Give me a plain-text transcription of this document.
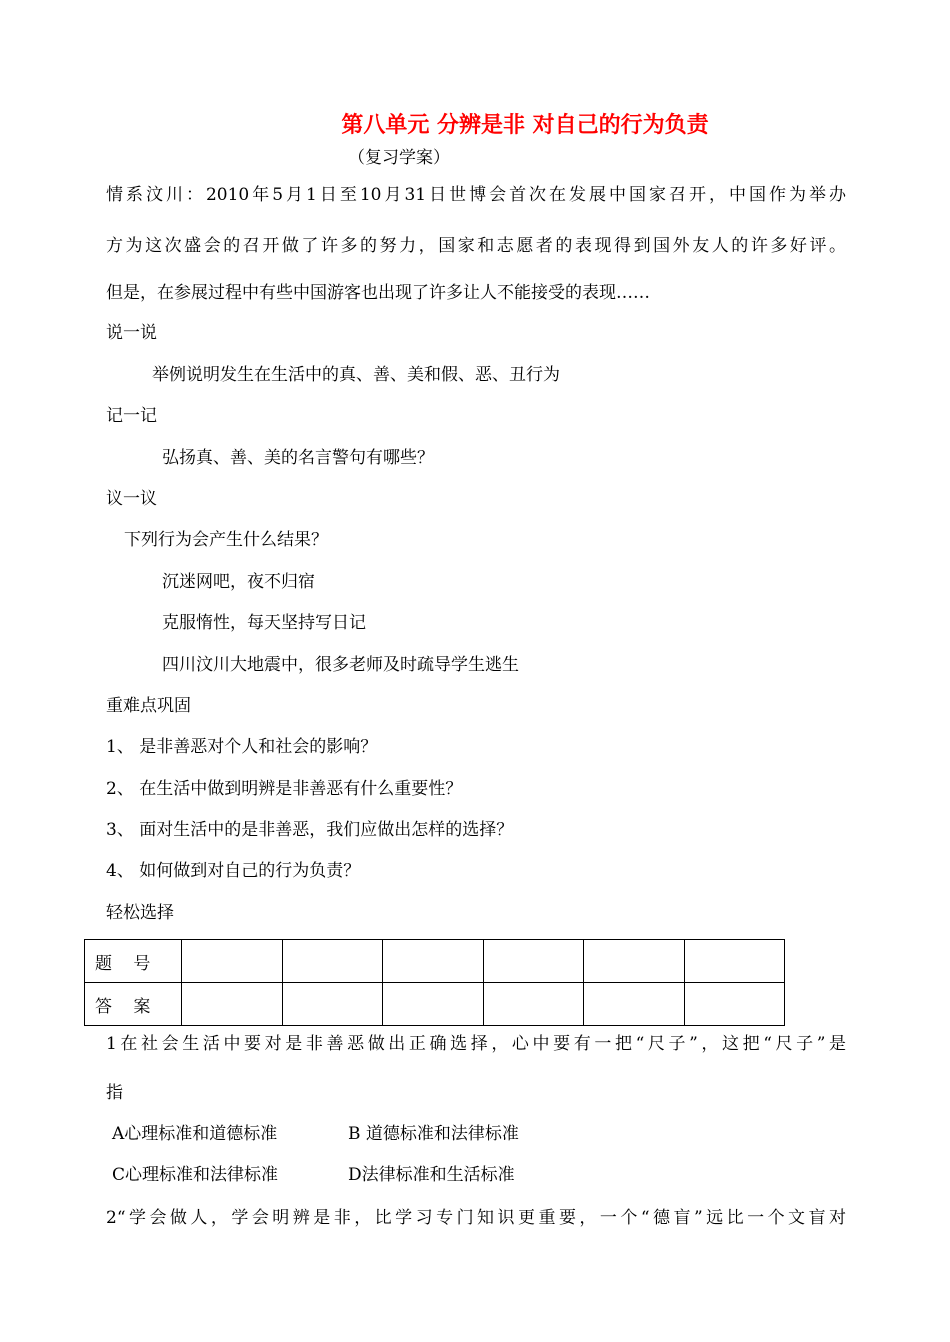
第八单元 分辨是非 对自己的行为负责
（复习学案）
情系汶川：2010年5月1日至10月31日世博会首次在发展中国家召开，中国作为举办
方为这次盛会的召开做了许多的努力，国家和志愿者的表现得到国外友人的许多好评。
但是，在参展过程中有些中国游客也出现了许多让人不能接受的表现……
说一说
举例说明发生在生活中的真、善、美和假、恶、丑行为
记一记
弘扬真、善、美的名言警句有哪些？
议一议
下列行为会产生什么结果？
沉迷网吧，夜不归宿
克服惰性，每天坚持写日记
四川汶川大地震中，很多老师及时疏导学生逃生
重难点巩固
1、 是非善恶对个人和社会的影响？
2、 在生活中做到明辨是非善恶有什么重要性？
3、 面对生活中的是非善恶，我们应做出怎样的选择？
4、 如何做到对自己的行为负责？
轻松选择
题 号						
答 案						
1在社会生活中要对是非善恶做出正确选择，心中要有一把“尺子”，这把“尺子”是
指
A心理标准和道德标准	B 道德标准和法律标准
C心理标准和法律标准	D法律标准和生活标准
2“学会做人，学会明辨是非，比学习专门知识更重要，一个“德盲”远比一个文盲对
